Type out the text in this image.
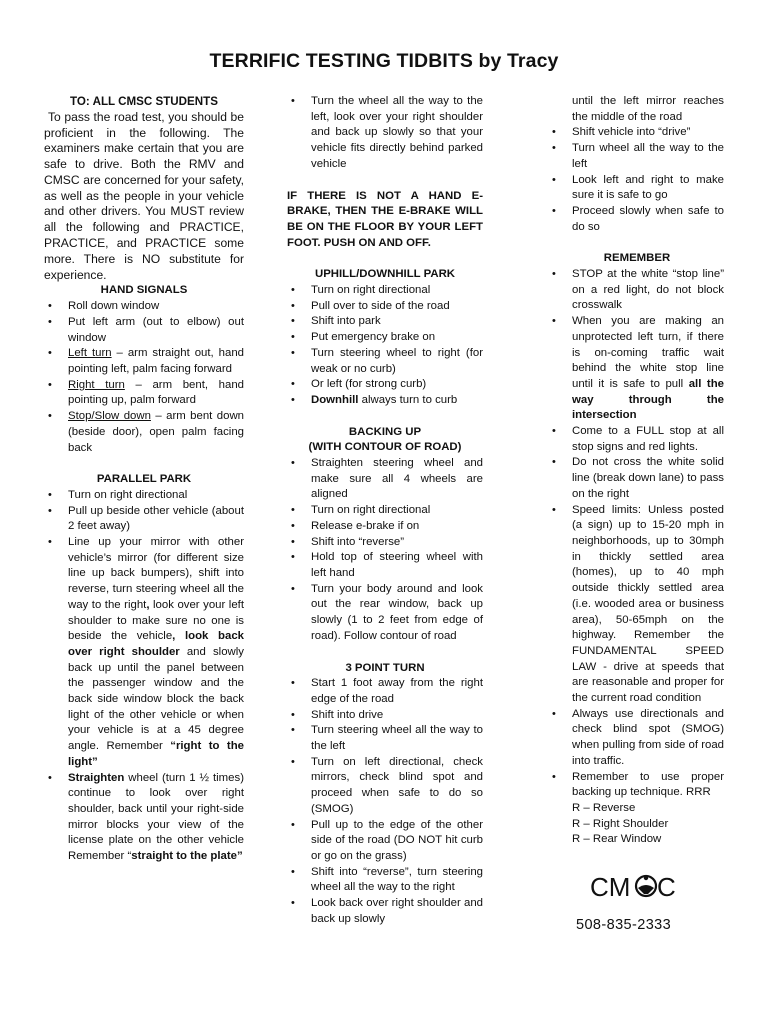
TERRIFIC TESTING TIDBITS by Tracy
TO: ALL CMSC STUDENTS
To pass the road test, you should be proficient in the following. The examiners make certain that you are safe to drive. Both the RMV and CMSC are concerned for your safety, as well as the people in your vehicle and other drivers. You MUST review all the following and PRACTICE, PRACTICE, and PRACTICE some more. There is NO substitute for experience.
HAND SIGNALS
• Roll down window
• Put left arm (out to elbow) out window
• Left turn – arm straight out, hand pointing left, palm facing forward
• Right turn – arm bent, hand pointing up, palm forward
• Stop/Slow down – arm bent down (beside door), open palm facing back
PARALLEL PARK
• Turn on right directional
• Pull up beside other vehicle (about 2 feet away)
• Line up your mirror with other vehicle’s mirror (for different size line up back bumpers), shift into reverse, turn steering wheel all the way to the right, look over your left shoulder to make sure no one is beside the vehicle, look back over right shoulder and slowly back up until the panel between the passenger window and the back side window block the back light of the other vehicle or when your vehicle is at a 45 degree angle. Remember “right to the light”
• Straighten wheel (turn 1 ½ times) continue to look over right shoulder, back until your right-side mirror blocks your view of the license plate on the other vehicle Remember “straight to the plate”
• Turn the wheel all the way to the left, look over your right shoulder and back up slowly so that your vehicle fits directly behind parked vehicle
IF THERE IS NOT A HAND E-BRAKE, THEN THE E-BRAKE WILL BE ON THE FLOOR BY YOUR LEFT FOOT. PUSH ON AND OFF.
UPHILL/DOWNHILL PARK
• Turn on right directional
• Pull over to side of the road
• Shift into park
• Put emergency brake on
• Turn steering wheel to right (for weak or no curb)
• Or left (for strong curb)
• Downhill always turn to curb
BACKING UP
(WITH CONTOUR OF ROAD)
• Straighten steering wheel and make sure all 4 wheels are aligned
• Turn on right directional
• Release e-brake if on
• Shift into “reverse”
• Hold top of steering wheel with left hand
• Turn your body around and look out the rear window, back up slowly (1 to 2 feet from edge of road). Follow contour of road
3 POINT TURN
• Start 1 foot away from the right edge of the road
• Shift into drive
• Turn steering wheel all the way to the left
• Turn on left directional, check mirrors, check blind spot and proceed when safe to do so (SMOG)
• Pull up to the edge of the other side of the road (DO NOT hit curb or go on the grass)
• Shift into “reverse”, turn steering wheel all the way to the right
• Look back over right shoulder and back up slowly
until the left mirror reaches the middle of the road
• Shift vehicle into “drive”
• Turn wheel all the way to the left
• Look left and right to make sure it is safe to go
• Proceed slowly when safe to do so
REMEMBER
• STOP at the white “stop line” on a red light, do not block crosswalk
• When you are making an unprotected left turn, if there is on-coming traffic wait behind the white stop line until it is safe to pull all the way through the intersection
• Come to a FULL stop at all stop signs and red lights.
• Do not cross the white solid line (break down lane) to pass on the right
• Speed limits: Unless posted (a sign) up to 15-20 mph in neighborhoods, up to 30mph in thickly settled area (homes), up to 40 mph outside thickly settled area (i.e. wooded area or business area), 50-65mph on the highway. Remember the FUNDAMENTAL SPEED LAW - drive at speeds that are reasonable and proper for the current road condition
• Always use directionals and check blind spot (SMOG) when pulling from side of road into traffic.
• Remember to use proper backing up technique. RRR
R – Reverse
R – Right Shoulder
R – Rear Window
CM C
508-835-2333
